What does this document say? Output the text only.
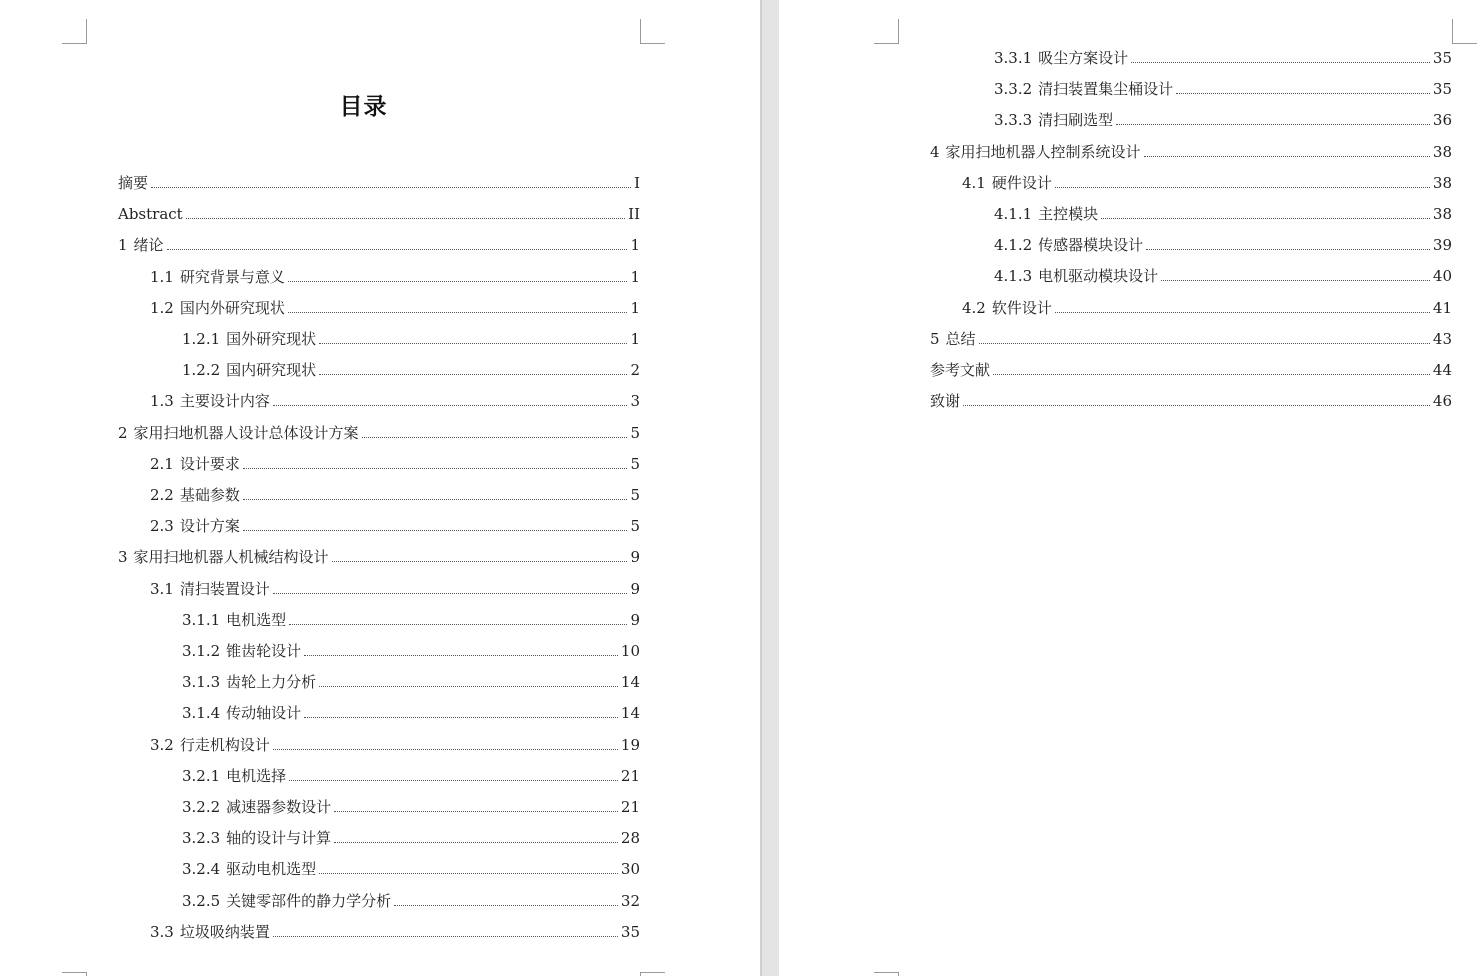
目录
摘要	I
Abstract	II
1 绪论	1
1.1 研究背景与意义	1
1.2 国内外研究现状	1
1.2.1 国外研究现状	1
1.2.2 国内研究现状	2
1.3 主要设计内容	3
2 家用扫地机器人设计总体设计方案	5
2.1 设计要求	5
2.2 基础参数	5
2.3 设计方案	5
3 家用扫地机器人机械结构设计	9
3.1 清扫装置设计	9
3.1.1 电机选型	9
3.1.2 锥齿轮设计	10
3.1.3 齿轮上力分析	14
3.1.4 传动轴设计	14
3.2 行走机构设计	19
3.2.1 电机选择	21
3.2.2 减速器参数设计	21
3.2.3 轴的设计与计算	28
3.2.4 驱动电机选型	30
3.2.5 关键零部件的静力学分析	32
3.3 垃圾吸纳装置	35
3.3.1 吸尘方案设计	35
3.3.2 清扫装置集尘桶设计	35
3.3.3 清扫刷选型	36
4 家用扫地机器人控制系统设计	38
4.1 硬件设计	38
4.1.1 主控模块	38
4.1.2 传感器模块设计	39
4.1.3 电机驱动模块设计	40
4.2 软件设计	41
5 总结	43
参考文献	44
致谢	46
